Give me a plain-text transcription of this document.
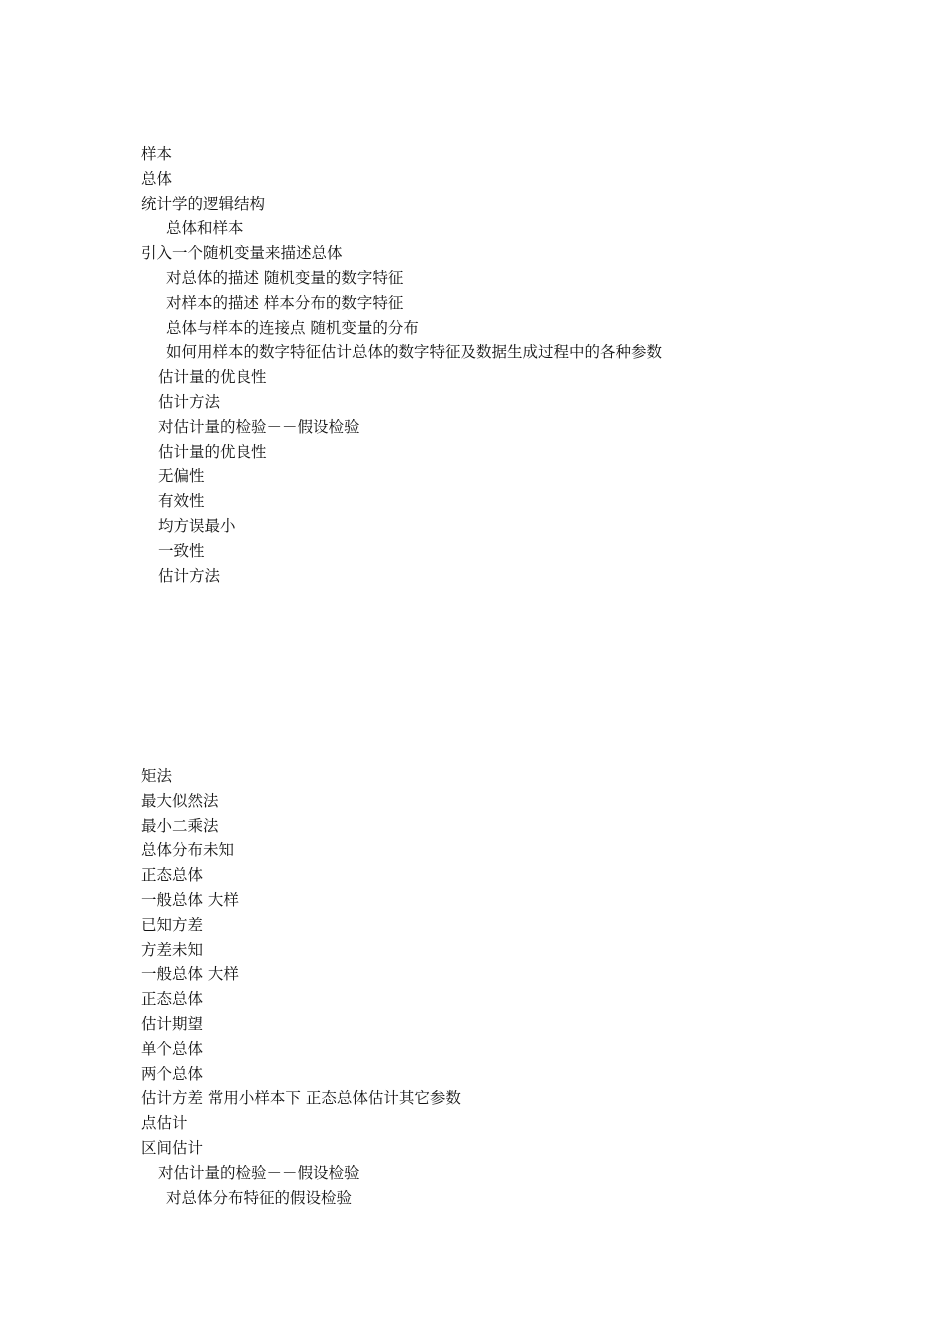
样本
总体
统计学的逻辑结构
总体和样本
引入一个随机变量来描述总体
对总体的描述 随机变量的数字特征
对样本的描述 样本分布的数字特征
总体与样本的连接点 随机变量的分布
如何用样本的数字特征估计总体的数字特征及数据生成过程中的各种参数
估计量的优良性
估计方法
对估计量的检验－－假设检验
估计量的优良性
无偏性
有效性
均方误最小
一致性
估计方法
矩法
最大似然法
最小二乘法
总体分布未知
正态总体
一般总体 大样
已知方差
方差未知
一般总体 大样
正态总体
估计期望
单个总体
两个总体
估计方差 常用小样本下 正态总体估计其它参数
点估计
区间估计
对估计量的检验－－假设检验
对总体分布特征的假设检验
